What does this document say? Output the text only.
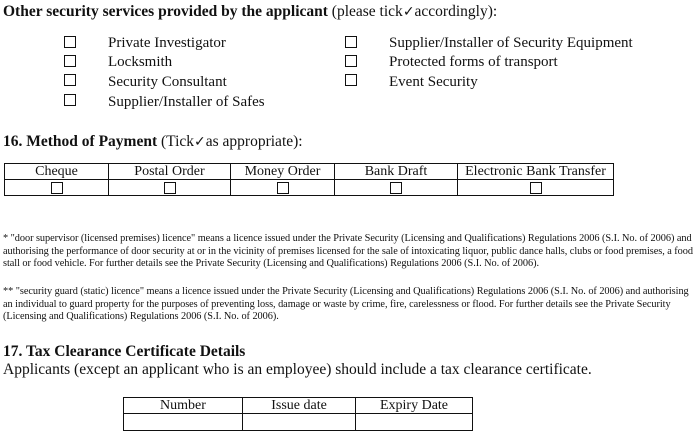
Other security services provided by the applicant (please tick✓accordingly):
Private Investigator
Locksmith
Security Consultant
Supplier/Installer of Safes
Supplier/Installer of Security Equipment
Protected forms of transport
Event Security
16. Method of Payment (Tick✓as appropriate):
Cheque	Postal Order	Money Order	Bank Draft	Electronic Bank Transfer

* "door supervisor (licensed premises) licence" means a licence issued under the Private Security (Licensing and Qualifications) Regulations 2006 (S.I. No. of 2006) and authorising the performance of door security at or in the vicinity of premises licensed for the sale of intoxicating liquor, public dance halls, clubs or food premises, a food stall or food vehicle. For further details see the Private Security (Licensing and Qualifications) Regulations 2006 (S.I. No. of 2006).
** "security guard (static) licence" means a licence issued under the Private Security (Licensing and Qualifications) Regulations 2006 (S.I. No. of 2006) and authorising an individual to guard property for the purposes of preventing loss, damage or waste by crime, fire, carelessness or flood. For further details see the Private Security (Licensing and Qualifications) Regulations 2006 (S.I. No. of 2006).
17. Tax Clearance Certificate Details
Applicants (except an applicant who is an employee) should include a tax clearance certificate.
Number	Issue date	Expiry Date
